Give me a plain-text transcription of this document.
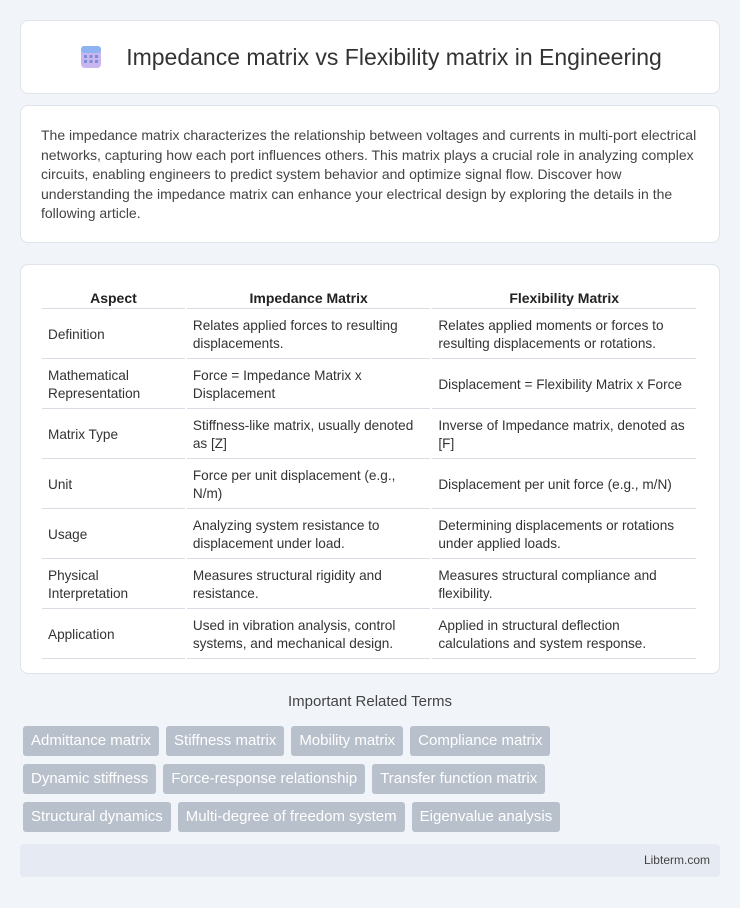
Impedance matrix vs Flexibility matrix in Engineering

The impedance matrix characterizes the relationship between voltages and currents in multi-port electrical networks, capturing how each port influences others. This matrix plays a crucial role in analyzing complex circuits, enabling engineers to predict system behavior and optimize signal flow. Discover how understanding the impedance matrix can enhance your electrical design by exploring the details in the following article.

Aspect	Impedance Matrix	Flexibility Matrix
Definition	Relates applied forces to resulting displacements.	Relates applied moments or forces to resulting displacements or rotations.
Mathematical Representation	Force = Impedance Matrix x Displacement	Displacement = Flexibility Matrix x Force
Matrix Type	Stiffness-like matrix, usually denoted as [Z]	Inverse of Impedance matrix, denoted as [F]
Unit	Force per unit displacement (e.g., N/m)	Displacement per unit force (e.g., m/N)
Usage	Analyzing system resistance to displacement under load.	Determining displacements or rotations under applied loads.
Physical Interpretation	Measures structural rigidity and resistance.	Measures structural compliance and flexibility.
Application	Used in vibration analysis, control systems, and mechanical design.	Applied in structural deflection calculations and system response.
Important Related Terms
Admittance matrix	Stiffness matrix	Mobility matrix	Compliance matrix
Dynamic stiffness	Force-response relationship	Transfer function matrix
Structural dynamics	Multi-degree of freedom system	Eigenvalue analysis
Libterm.com
